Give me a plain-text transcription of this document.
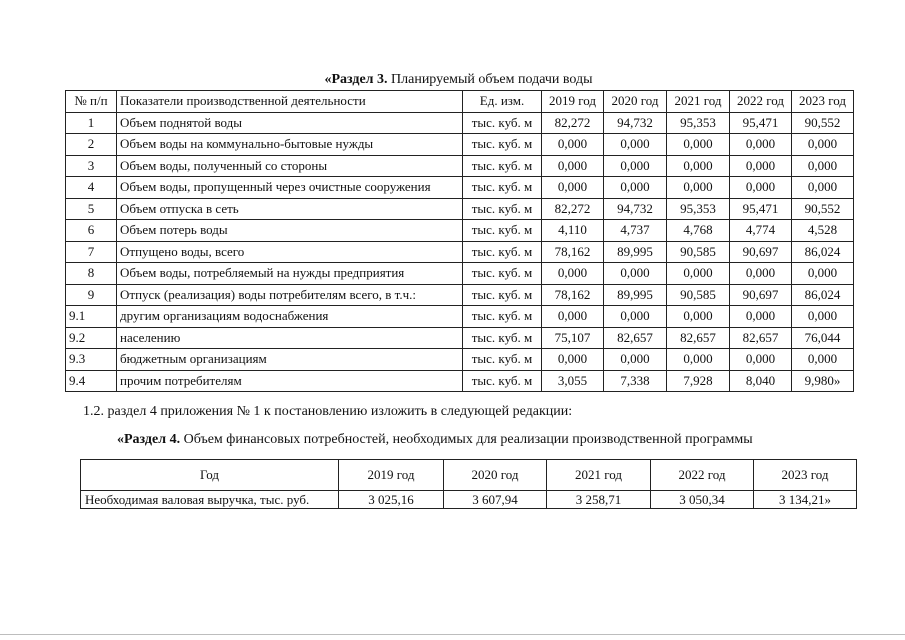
«Раздел 3. Планируемый объем подачи воды
№ п/п	Показатели производственной деятельности	Ед. изм.	2019 год	2020 год	2021 год	2022 год	2023 год
1	Объем поднятой воды	тыс. куб. м	82,272	94,732	95,353	95,471	90,552
2	Объем воды на коммунально-бытовые нужды	тыс. куб. м	0,000	0,000	0,000	0,000	0,000
3	Объем воды, полученный со стороны	тыс. куб. м	0,000	0,000	0,000	0,000	0,000
4	Объем воды, пропущенный через очистные сооружения	тыс. куб. м	0,000	0,000	0,000	0,000	0,000
5	Объем отпуска в сеть	тыс. куб. м	82,272	94,732	95,353	95,471	90,552
6	Объем потерь воды	тыс. куб. м	4,110	4,737	4,768	4,774	4,528
7	Отпущено воды, всего	тыс. куб. м	78,162	89,995	90,585	90,697	86,024
8	Объем воды, потребляемый на нужды предприятия	тыс. куб. м	0,000	0,000	0,000	0,000	0,000
9	Отпуск (реализация) воды потребителям всего, в т.ч.:	тыс. куб. м	78,162	89,995	90,585	90,697	86,024
9.1	другим организациям водоснабжения	тыс. куб. м	0,000	0,000	0,000	0,000	0,000
9.2	населению	тыс. куб. м	75,107	82,657	82,657	82,657	76,044
9.3	бюджетным организациям	тыс. куб. м	0,000	0,000	0,000	0,000	0,000
9.4	прочим потребителям	тыс. куб. м	3,055	7,338	7,928	8,040	9,980»
1.2. раздел 4 приложения № 1 к постановлению изложить в следующей редакции:
«Раздел 4. Объем финансовых потребностей, необходимых для реализации производственной программы
Год	2019 год	2020 год	2021 год	2022 год	2023 год
Необходимая валовая выручка, тыс. руб.	3 025,16	3 607,94	3 258,71	3 050,34	3 134,21»
